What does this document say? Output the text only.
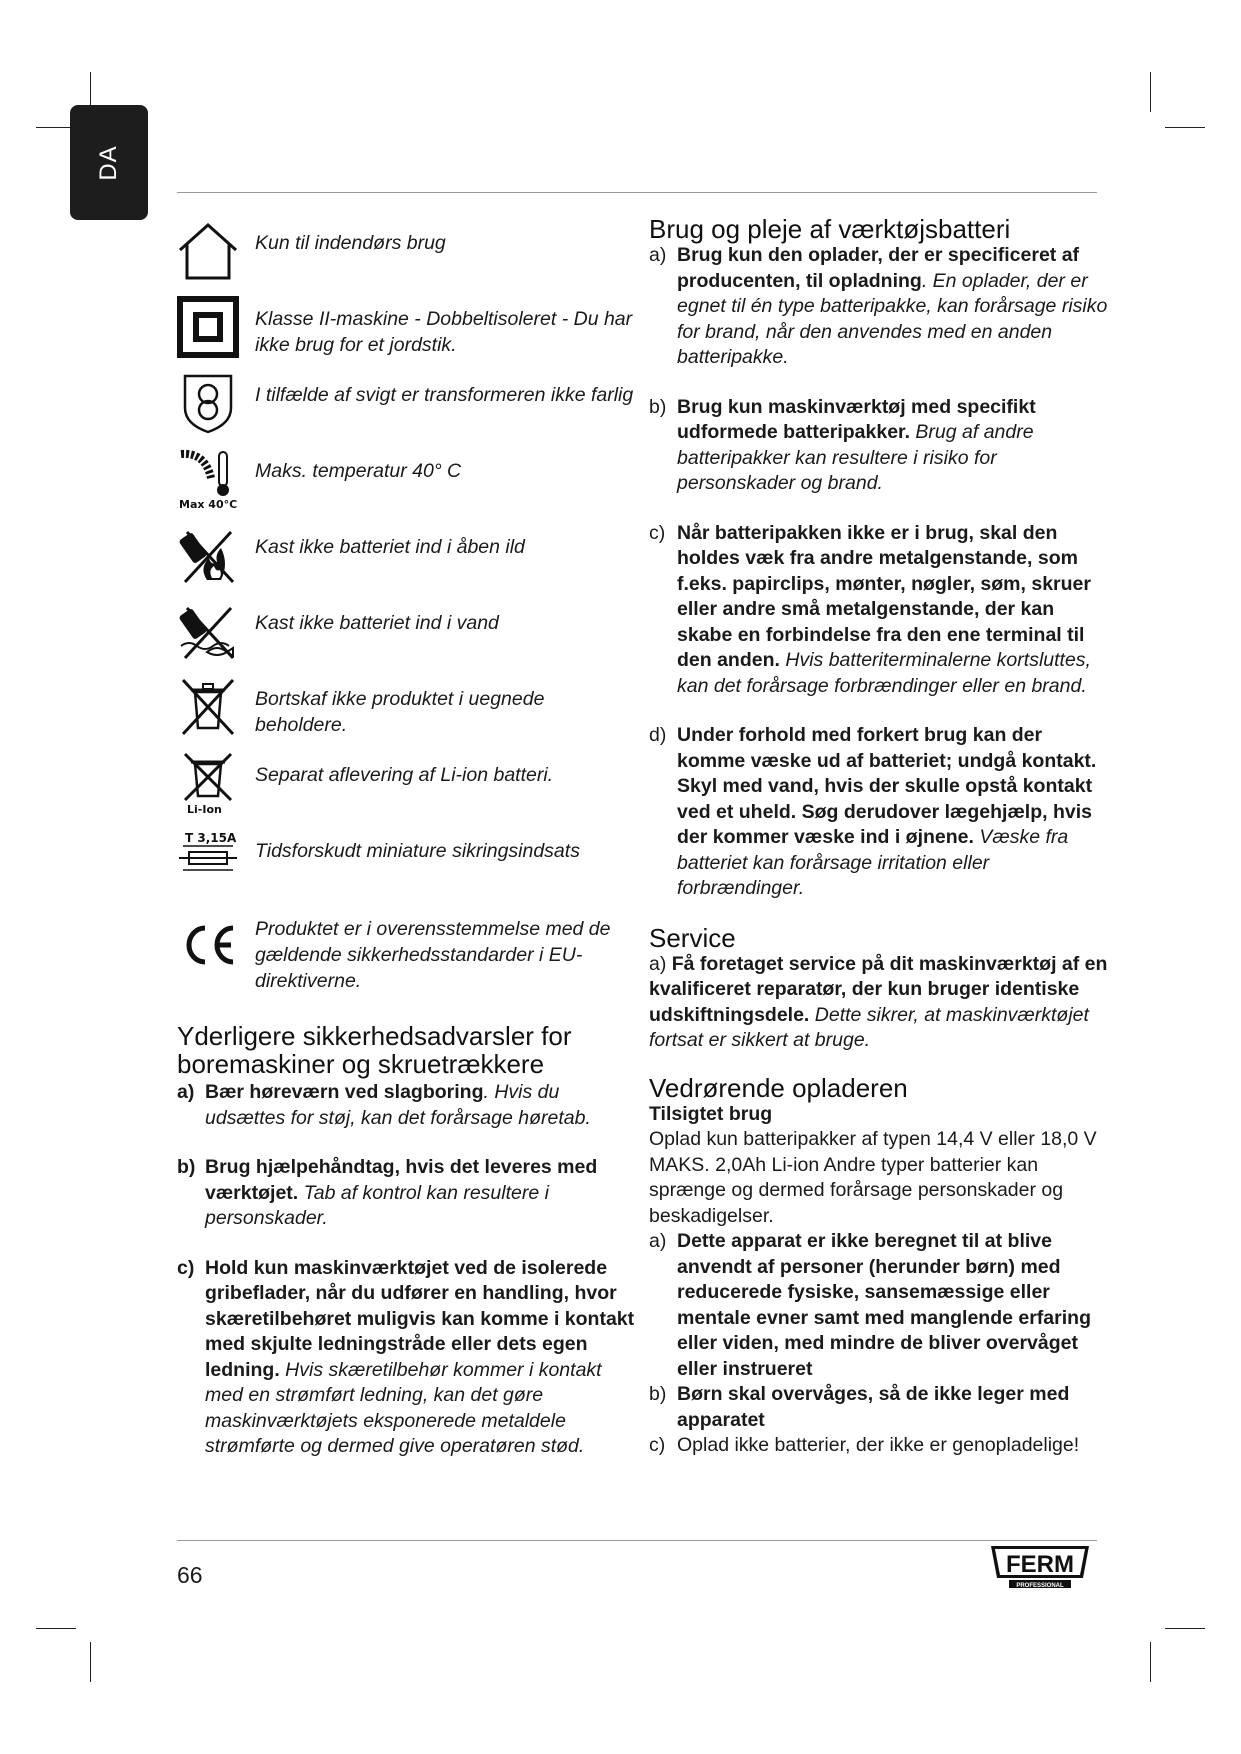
DA
Kun til indendørs brug
Klasse II-maskine - Dobbeltisoleret - Du har ikke brug for et jordstik.
I tilfælde af svigt er transformeren ikke farlig
Max 40°C
Maks. temperatur 40° C
Kast ikke batteriet ind i åben ild
Kast ikke batteriet ind i vand
Bortskaf ikke produktet i uegnede beholdere.
Li-Ion
Separat aflevering af Li-ion batteri.
T 3,15A
Tidsforskudt miniature sikringsindsats
Produktet er i overensstemmelse med de gældende sikkerhedsstandarder i EU-direktiverne.
Yderligere sikkerhedsadvarsler for boremaskiner og skruetrækkere
a) Bær høreværn ved slagboring. Hvis du udsættes for støj, kan det forårsage høretab.
b) Brug hjælpehåndtag, hvis det leveres med værktøjet. Tab af kontrol kan resultere i personskader.
c) Hold kun maskinværktøjet ved de isolerede gribeflader, når du udfører en handling, hvor skæretilbehøret muligvis kan komme i kontakt med skjulte ledningstråde eller dets egen ledning. Hvis skæretilbehør kommer i kontakt med en strømført ledning, kan det gøre maskinværktøjets eksponerede metaldele strømførte og dermed give operatøren stød.
Brug og pleje af værktøjsbatteri
a) Brug kun den oplader, der er specificeret af producenten, til opladning. En oplader, der er egnet til én type batteripakke, kan forårsage risiko for brand, når den anvendes med en anden batteripakke.
b) Brug kun maskinværktøj med specifikt udformede batteripakker. Brug af andre batteripakker kan resultere i risiko for personskader og brand.
c) Når batteripakken ikke er i brug, skal den holdes væk fra andre metalgenstande, som f.eks. papirclips, mønter, nøgler, søm, skruer eller andre små metalgenstande, der kan skabe en forbindelse fra den ene terminal til den anden. Hvis batteriterminalerne kortsluttes, kan det forårsage forbrændinger eller en brand.
d) Under forhold med forkert brug kan der komme væske ud af batteriet; undgå kontakt. Skyl med vand, hvis der skulle opstå kontakt ved et uheld. Søg derudover lægehjælp, hvis der kommer væske ind i øjnene. Væske fra batteriet kan forårsage irritation eller forbrændinger.
Service
a) Få foretaget service på dit maskinværktøj af en kvalificeret reparatør, der kun bruger identiske udskiftningsdele. Dette sikrer, at maskinværktøjet fortsat er sikkert at bruge.
Vedrørende opladeren
Tilsigtet brug
Oplad kun batteripakker af typen 14,4 V eller 18,0 V MAKS. 2,0Ah Li-ion Andre typer batterier kan sprænge og dermed forårsage personskader og beskadigelser.
a) Dette apparat er ikke beregnet til at blive anvendt af personer (herunder børn) med reducerede fysiske, sansemæssige eller mentale evner samt med manglende erfaring eller viden, med mindre de bliver overvåget eller instrueret
b) Børn skal overvåges, så de ikke leger med apparatet
c) Oplad ikke batterier, der ikke er genopladelige!
66	FERM
PROFESSIONAL
